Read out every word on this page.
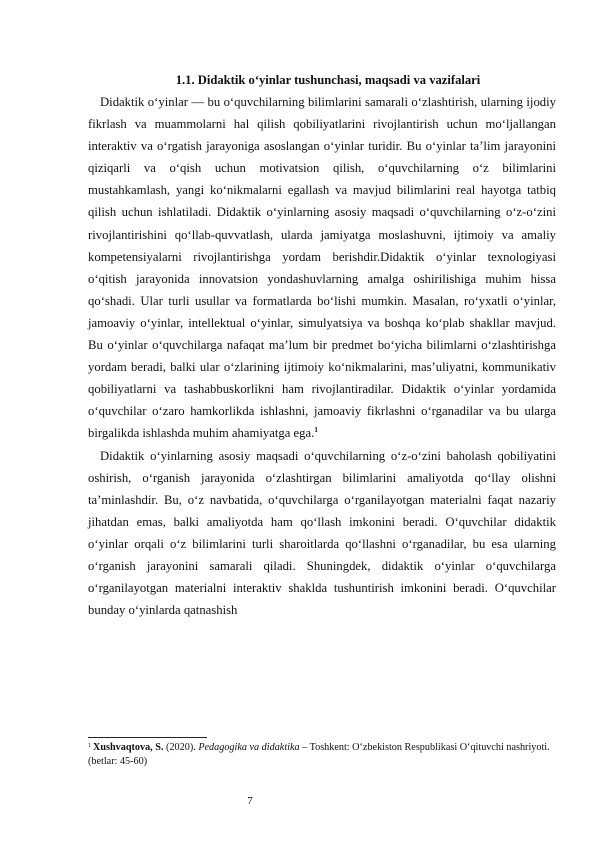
1.1. Didaktik o‘yinlar tushunchasi, maqsadi va vazifalari

Didaktik o‘yinlar — bu o‘quvchilarning bilimlarini samarali o‘zlashtirish, ularning ijodiy fikrlash va muammolarni hal qilish qobiliyatlarini rivojlantirish uchun mo‘ljallangan interaktiv va o‘rgatish jarayoniga asoslangan o‘yinlar turidir. Bu o‘yinlar ta’lim jarayonini qiziqarli va o‘qish uchun motivatsion qilish, o‘quvchilarning o‘z bilimlarini mustahkamlash, yangi ko‘nikmalarni egallash va mavjud bilimlarini real hayotga tatbiq qilish uchun ishlatiladi. Didaktik o‘yinlarning asosiy maqsadi o‘quvchilarning o‘z-o‘zini rivojlantirishini qo‘llab-quvvatlash, ularda jamiyatga moslashuvni, ijtimoiy va amaliy kompetensiyalarni rivojlantirishga yordam berishdir.Didaktik o‘yinlar texnologiyasi o‘qitish jarayonida innovatsion yondashuvlarning amalga oshirilishiga muhim hissa qo‘shadi. Ular turli usullar va formatlarda bo‘lishi mumkin. Masalan, ro‘yxatli o‘yinlar, jamoaviy o‘yinlar, intellektual o‘yinlar, simulyatsiya va boshqa ko‘plab shakllar mavjud. Bu o‘yinlar o‘quvchilarga nafaqat ma’lum bir predmet bo‘yicha bilimlarni o‘zlashtirishga yordam beradi, balki ular o‘zlarining ijtimoiy ko‘nikmalarini, mas’uliyatni, kommunikativ qobiliyatlarni va tashabbuskorlikni ham rivojlantiradilar. Didaktik o‘yinlar yordamida o‘quvchilar o‘zaro hamkorlikda ishlashni, jamoaviy fikrlashni o‘rganadilar va bu ularga birgalikda ishlashda muhim ahamiyatga ega.$^1$

Didaktik o‘yinlarning asosiy maqsadi o‘quvchilarning o‘z-o‘zini baholash qobiliyatini oshirish, o‘rganish jarayonida o‘zlashtirgan bilimlarini amaliyotda qo‘llay olishni ta’minlashdir. Bu, o‘z navbatida, o‘quvchilarga o‘rganilayotgan materialni faqat nazariy jihatdan emas, balki amaliyotda ham qo‘llash imkonini beradi. O‘quvchilar didaktik o‘yinlar orqali o‘z bilimlarini turli sharoitlarda qo‘llashni o‘rganadilar, bu esa ularning o‘rganish jarayonini samarali qiladi. Shuningdek, didaktik o‘yinlar o‘quvchilarga o‘rganilayotgan materialni interaktiv shaklda tushuntirish imkonini beradi. O‘quvchilar bunday o‘yinlarda qatnashish

$^1$ Xushvaqtova, S. (2020). Pedagogika va didaktika – Toshkent: O‘zbekiston Respublikasi O‘qituvchi nashriyoti. (betlar: 45-60)

7
